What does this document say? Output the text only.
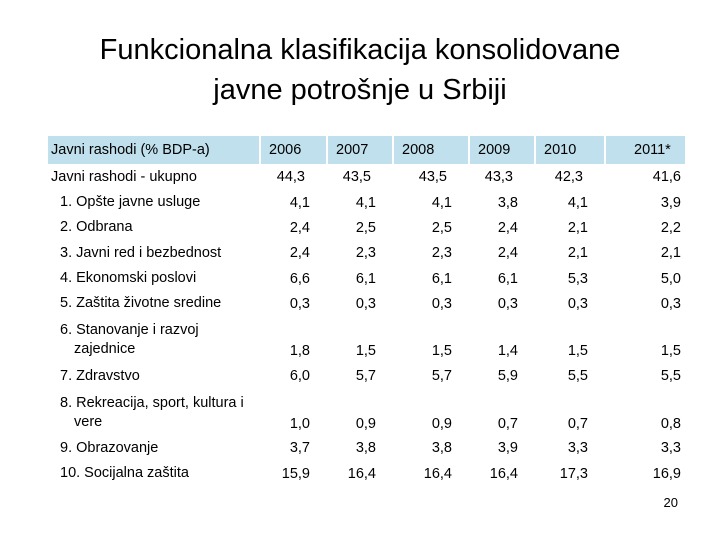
Funkcionalna klasifikacija konsolidovane
javne potrošnje u Srbiji
Javni rashodi (% BDP-a)	2006	2007	2008	2009	2010	2011*
Javni rashodi - ukupno	44,3	43,5	43,5	43,3	42,3	41,6
1. Opšte javne usluge	4,1	4,1	4,1	3,8	4,1	3,9
2. Odbrana	2,4	2,5	2,5	2,4	2,1	2,2
3. Javni red i bezbednost	2,4	2,3	2,3	2,4	2,1	2,1
4. Ekonomski poslovi	6,6	6,1	6,1	6,1	5,3	5,0
5. Zaštita životne sredine	0,3	0,3	0,3	0,3	0,3	0,3
6. Stanovanje i razvoj zajednice	1,8	1,5	1,5	1,4	1,5	1,5
7. Zdravstvo	6,0	5,7	5,7	5,9	5,5	5,5
8. Rekreacija, sport, kultura i vere	1,0	0,9	0,9	0,7	0,7	0,8
9. Obrazovanje	3,7	3,8	3,8	3,9	3,3	3,3
10. Socijalna zaštita	15,9	16,4	16,4	16,4	17,3	16,9
20
